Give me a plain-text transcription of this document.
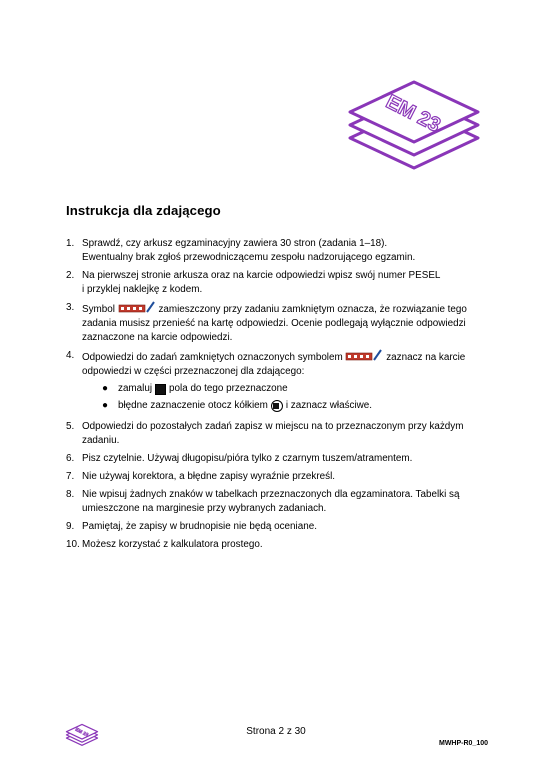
EM 23
Instrukcja dla zdającego
1. Sprawdź, czy arkusz egzaminacyjny zawiera 30 stron (zadania 1–18).
Ewentualny brak zgłoś przewodniczącemu zespołu nadzorującego egzamin.
2. Na pierwszej stronie arkusza oraz na karcie odpowiedzi wpisz swój numer PESEL
i przyklej naklejkę z kodem.
3. Symbol	zamieszczony przy zadaniu zamkniętym oznacza, że rozwiązanie tego
zadania musisz przenieść na kartę odpowiedzi. Ocenie podlegają wyłącznie odpowiedzi
zaznaczone na karcie odpowiedzi.
4. Odpowiedzi do zadań zamkniętych oznaczonych symbolem	zaznacz na karcie
odpowiedzi w części przeznaczonej dla zdającego:
●	zamaluj pola do tego przeznaczone
●	błędne zaznaczenie otocz kółkiem i zaznacz właściwe.
5. Odpowiedzi do pozostałych zadań zapisz w miejscu na to przeznaczonym przy każdym
zadaniu.
6. Pisz czytelnie. Używaj długopisu/pióra tylko z czarnym tuszem/atramentem.
7. Nie używaj korektora, a błędne zapisy wyraźnie przekreśl.
8. Nie wpisuj żadnych znaków w tabelkach przeznaczonych dla egzaminatora. Tabelki są
umieszczone na marginesie przy wybranych zadaniach.
9. Pamiętaj, że zapisy w brudnopisie nie będą oceniane.
10. Możesz korzystać z kalkulatora prostego.
EM 23	Strona 2 z 30
MWHP-R0_100
